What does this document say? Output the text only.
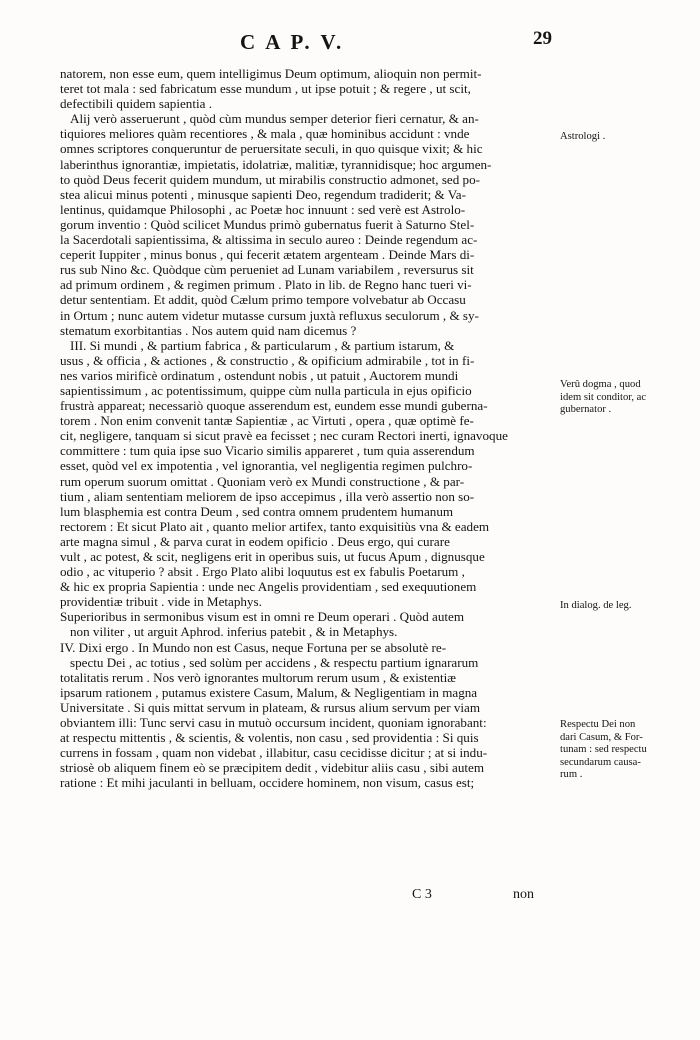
C A P. V.	29
natorem, non esse eum, quem intelligimus Deum optimum, alioquin non permit-
teret tot mala : sed fabricatum esse mundum , ut ipse potuit ; & regere , ut scit,
defectibili quidem sapientia .
Alij verò asseruerunt , quòd cùm mundus semper deterior fieri cernatur, & an-
tiquiores meliores quàm recentiores , & mala , quæ hominibus accidunt : vnde
omnes scriptores conqueruntur de peruersitate seculi, in quo quisque vixit; & hic
laberinthus ignorantiæ, impietatis, idolatriæ, malitiæ, tyrannidisque; hoc argumen-
to quòd Deus fecerit quidem mundum, ut mirabilis constructio admonet, sed po-
stea alicui minus potenti , minusque sapienti Deo, regendum tradiderit; & Va-
lentinus, quidamque Philosophi , ac Poetæ hoc innuunt : sed verè est Astrolo-
gorum inventio : Quòd scilicet Mundus primò gubernatus fuerit à Saturno Stel-
la Sacerdotali sapientissima, & altissima in seculo aureo : Deinde regendum ac-
ceperit Iuppiter , minus bonus , qui fecerit ætatem argenteam . Deinde Mars di-
rus sub Nino &c. Quòdque cùm perueniet ad Lunam variabilem , reversurus sit
ad primum ordinem , & regimen primum . Plato in lib. de Regno hanc tueri vi-
detur sententiam. Et addit, quòd Cælum primo tempore volvebatur ab Occasu
in Ortum ; nunc autem videtur mutasse cursum juxtà refluxus seculorum , & sy-
stematum exorbitantias . Nos autem quid nam dicemus ?
III. Si mundi , & partium fabrica , & particularum , & partium istarum, &
usus , & officia , & actiones , & constructio , & opificium admirabile , tot in fi-
nes varios mirificè ordinatum , ostendunt nobis , ut patuit , Auctorem mundi
sapientissimum , ac potentissimum, quippe cùm nulla particula in ejus opificio
frustrà appareat; necessariò quoque asserendum est, eundem esse mundi guberna-
torem . Non enim convenit tantæ Sapientiæ , ac Virtuti , opera , quæ optimè fe-
cit, negligere, tanquam si sicut pravè ea fecisset ; nec curam Rectori inerti, ignavoque
committere : tum quia ipse suo Vicario similis appareret , tum quia asserendum
esset, quòd vel ex impotentia , vel ignorantia, vel negligentia regimen pulchro-
rum operum suorum omittat . Quoniam verò ex Mundi constructione , & par-
tium , aliam sententiam meliorem de ipso accepimus , illa verò assertio non so-
lum blasphemia est contra Deum , sed contra omnem prudentem humanum
rectorem : Et sicut Plato ait , quanto melior artifex, tanto exquisitiùs vna & eadem
arte magna simul , & parva curat in eodem opificio . Deus ergo, qui curare
vult , ac potest, & scit, negligens erit in operibus suis, ut fucus Apum , dignusque
odio , ac vituperio ? absit . Ergo Plato alibi loquutus est ex fabulis Poetarum ,
& hic ex propria Sapientia : unde nec Angelis providentiam , sed exequutionem
providentiæ tribuit . vide in Metaphys.
Superioribus in sermonibus visum est in omni re Deum operari . Quòd autem
non viliter , ut arguit Aphrod. inferius patebit , & in Metaphys.
IV. Dixi ergo . In Mundo non est Casus, neque Fortuna per se absolutè re-
spectu Dei , ac totius , sed solùm per accidens , & respectu partium ignararum
totalitatis rerum . Nos verò ignorantes multorum rerum usum , & existentiæ
ipsarum rationem , putamus existere Casum, Malum, & Negligentiam in magna
Universitate . Si quis mittat servum in plateam, & rursus alium servum per viam
obviantem illi: Tunc servi casu in mutuò occursum incident, quoniam ignorabant:
at respectu mittentis , & scientis, & volentis, non casu , sed providentia : Si quis
currens in fossam , quam non videbat , illabitur, casu cecidisse dicitur ; at si indu-
striosè ob aliquem finem eò se præcipitem dedit , videbitur aliis casu , sibi autem
ratione : Et mihi jaculanti in belluam, occidere hominem, non visum, casus est;
Astrologi .
Verû dogma , quod
idem sit conditor, ac
gubernator .
In dialog. de leg.
Respectu Dei non
dari Casum, & For-
tunam : sed respectu
secundarum causa-
rum .
C 3	non
